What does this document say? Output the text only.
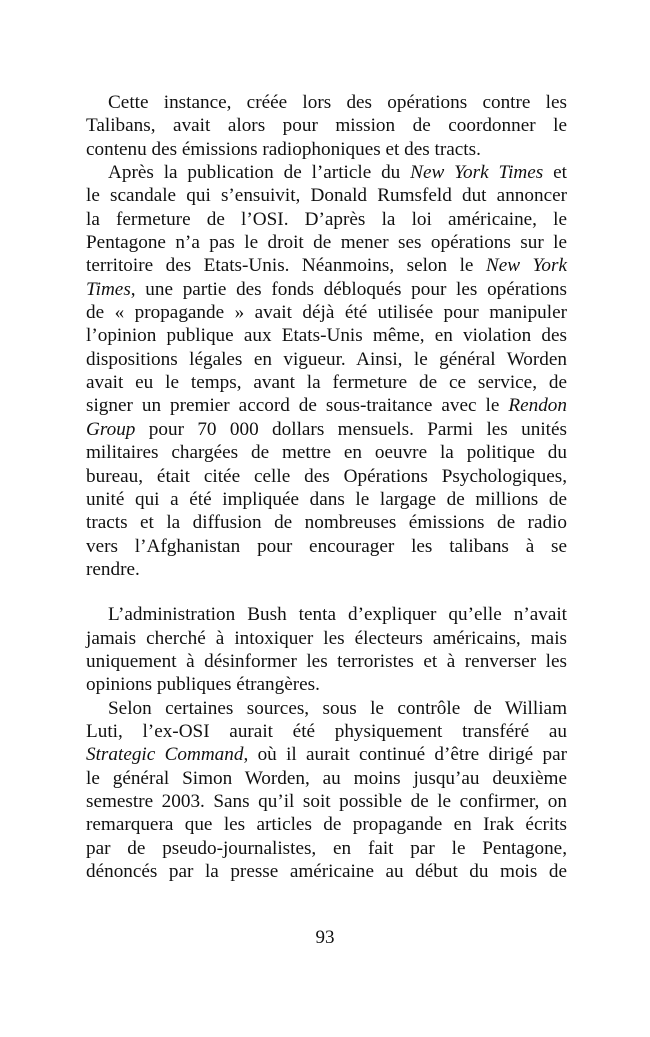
Cette instance, créée lors des opérations contre les
Talibans, avait alors pour mission de coordonner le
contenu des émissions radiophoniques et des tracts.
Après la publication de l’article du New York Times et
le scandale qui s’ensuivit, Donald Rumsfeld dut annoncer
la fermeture de l’OSI. D’après la loi américaine, le
Pentagone n’a pas le droit de mener ses opérations sur le
territoire des Etats-Unis. Néanmoins, selon le New York
Times, une partie des fonds débloqués pour les opérations
de « propagande » avait déjà été utilisée pour manipuler
l’opinion publique aux Etats-Unis même, en violation des
dispositions légales en vigueur. Ainsi, le général Worden
avait eu le temps, avant la fermeture de ce service, de
signer un premier accord de sous-traitance avec le Rendon
Group pour 70 000 dollars mensuels. Parmi les unités
militaires chargées de mettre en oeuvre la politique du
bureau, était citée celle des Opérations Psychologiques,
unité qui a été impliquée dans le largage de millions de
tracts et la diffusion de nombreuses émissions de radio
vers l’Afghanistan pour encourager les talibans à se
rendre.
L’administration Bush tenta d’expliquer qu’elle n’avait
jamais cherché à intoxiquer les électeurs américains, mais
uniquement à désinformer les terroristes et à renverser les
opinions publiques étrangères.
Selon certaines sources, sous le contrôle de William
Luti, l’ex-OSI aurait été physiquement transféré au
Strategic Command, où il aurait continué d’être dirigé par
le général Simon Worden, au moins jusqu’au deuxième
semestre 2003. Sans qu’il soit possible de le confirmer, on
remarquera que les articles de propagande en Irak écrits
par de pseudo-journalistes, en fait par le Pentagone,
dénoncés par la presse américaine au début du mois de
93
